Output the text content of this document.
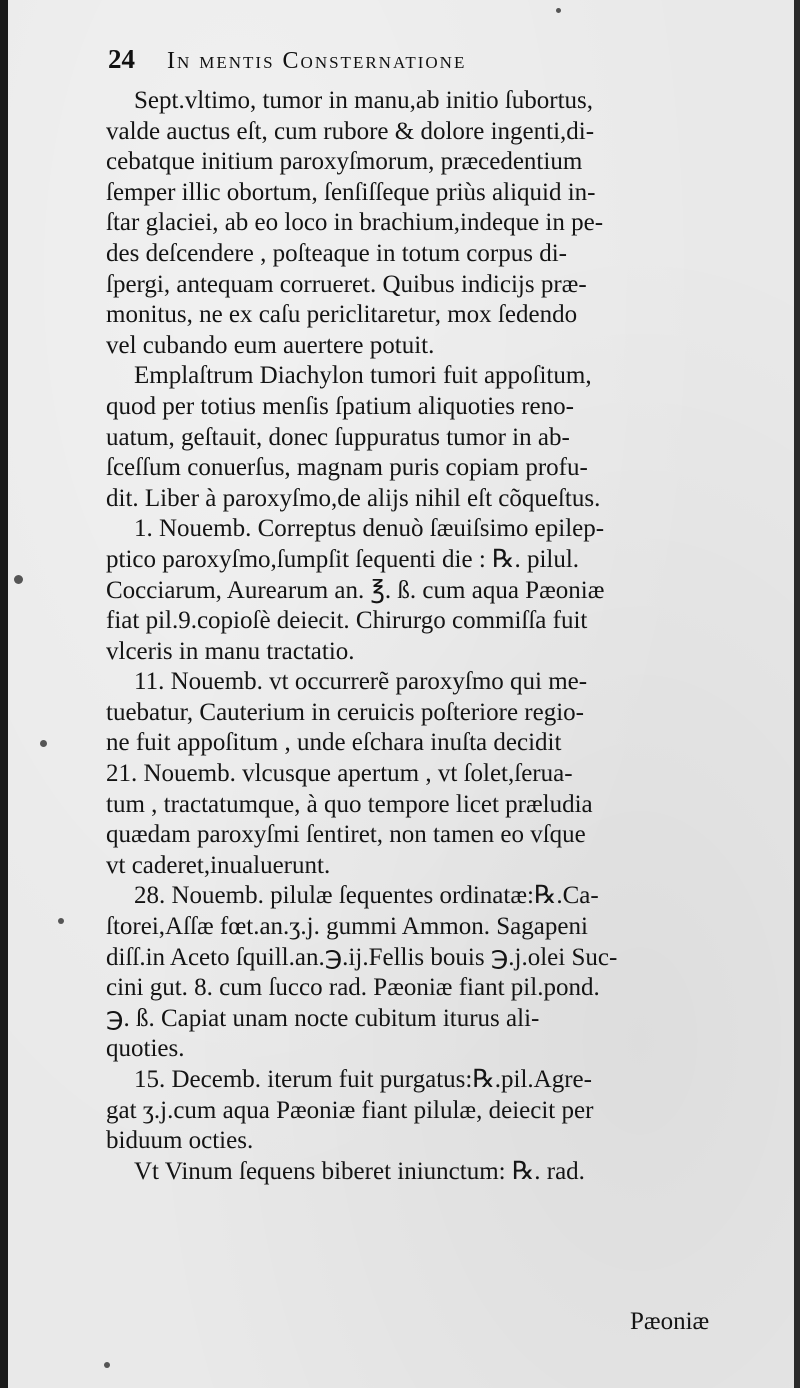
24 In mentis Consternatione
Sept.vltimo, tumor in manu,ab initio ſubortus,
valde auctus eſt, cum rubore & dolore ingenti,di-
cebatque initium paroxyſmorum, præcedentium
ſemper illic obortum, ſenſiſſeque priùs aliquid in-
ſtar glaciei, ab eo loco in brachium,indeque in pe-
des deſcendere , poſteaque in totum corpus di-
ſpergi, antequam corrueret. Quibus indicijs præ-
monitus, ne ex caſu periclitaretur, mox ſedendo
vel cubando eum auertere potuit.
Emplaſtrum Diachylon tumori fuit appoſitum,
quod per totius menſis ſpatium aliquoties reno-
uatum, geſtauit, donec ſuppuratus tumor in ab-
ſceſſum conuerſus, magnam puris copiam profu-
dit. Liber à paroxyſmo,de alijs nihil eſt cõqueſtus.
1. Nouemb. Correptus denuò ſæuiſsimo epilep-
ptico paroxyſmo,ſumpſit ſequenti die : ℞. pilul.
Cocciarum, Aurearum an. ℥. ß. cum aqua Pæoniæ
fiat pil.9.copioſè deiecit. Chirurgo commiſſa fuit
vlceris in manu tractatio.
11. Nouemb. vt occurrerẽ paroxyſmo qui me-
tuebatur, Cauterium in ceruicis poſteriore regio-
ne fuit appoſitum , unde eſchara inuſta decidit
21. Nouemb. vlcusque apertum , vt ſolet,ſerua-
tum , tractatumque, à quo tempore licet præludia
quædam paroxyſmi ſentiret, non tamen eo vſque
vt caderet,inualuerunt.
28. Nouemb. pilulæ ſequentes ordinatæ:℞.Ca-
ſtorei,Aſſæ fœt.an.ʒ.j. gummi Ammon. Sagapeni
diſſ.in Aceto ſquill.an.℈.ij.Fellis bouis ℈.j.olei Suc-
cini gut. 8. cum ſucco rad. Pæoniæ fiant pil.pond.
℈. ß. Capiat unam nocte cubitum iturus ali-
quoties.
15. Decemb. iterum fuit purgatus:℞.pil.Agre-
gat ʒ.j.cum aqua Pæoniæ fiant pilulæ, deiecit per
biduum octies.
Vt Vinum ſequens biberet iniunctum: ℞. rad.
Pæoniæ
